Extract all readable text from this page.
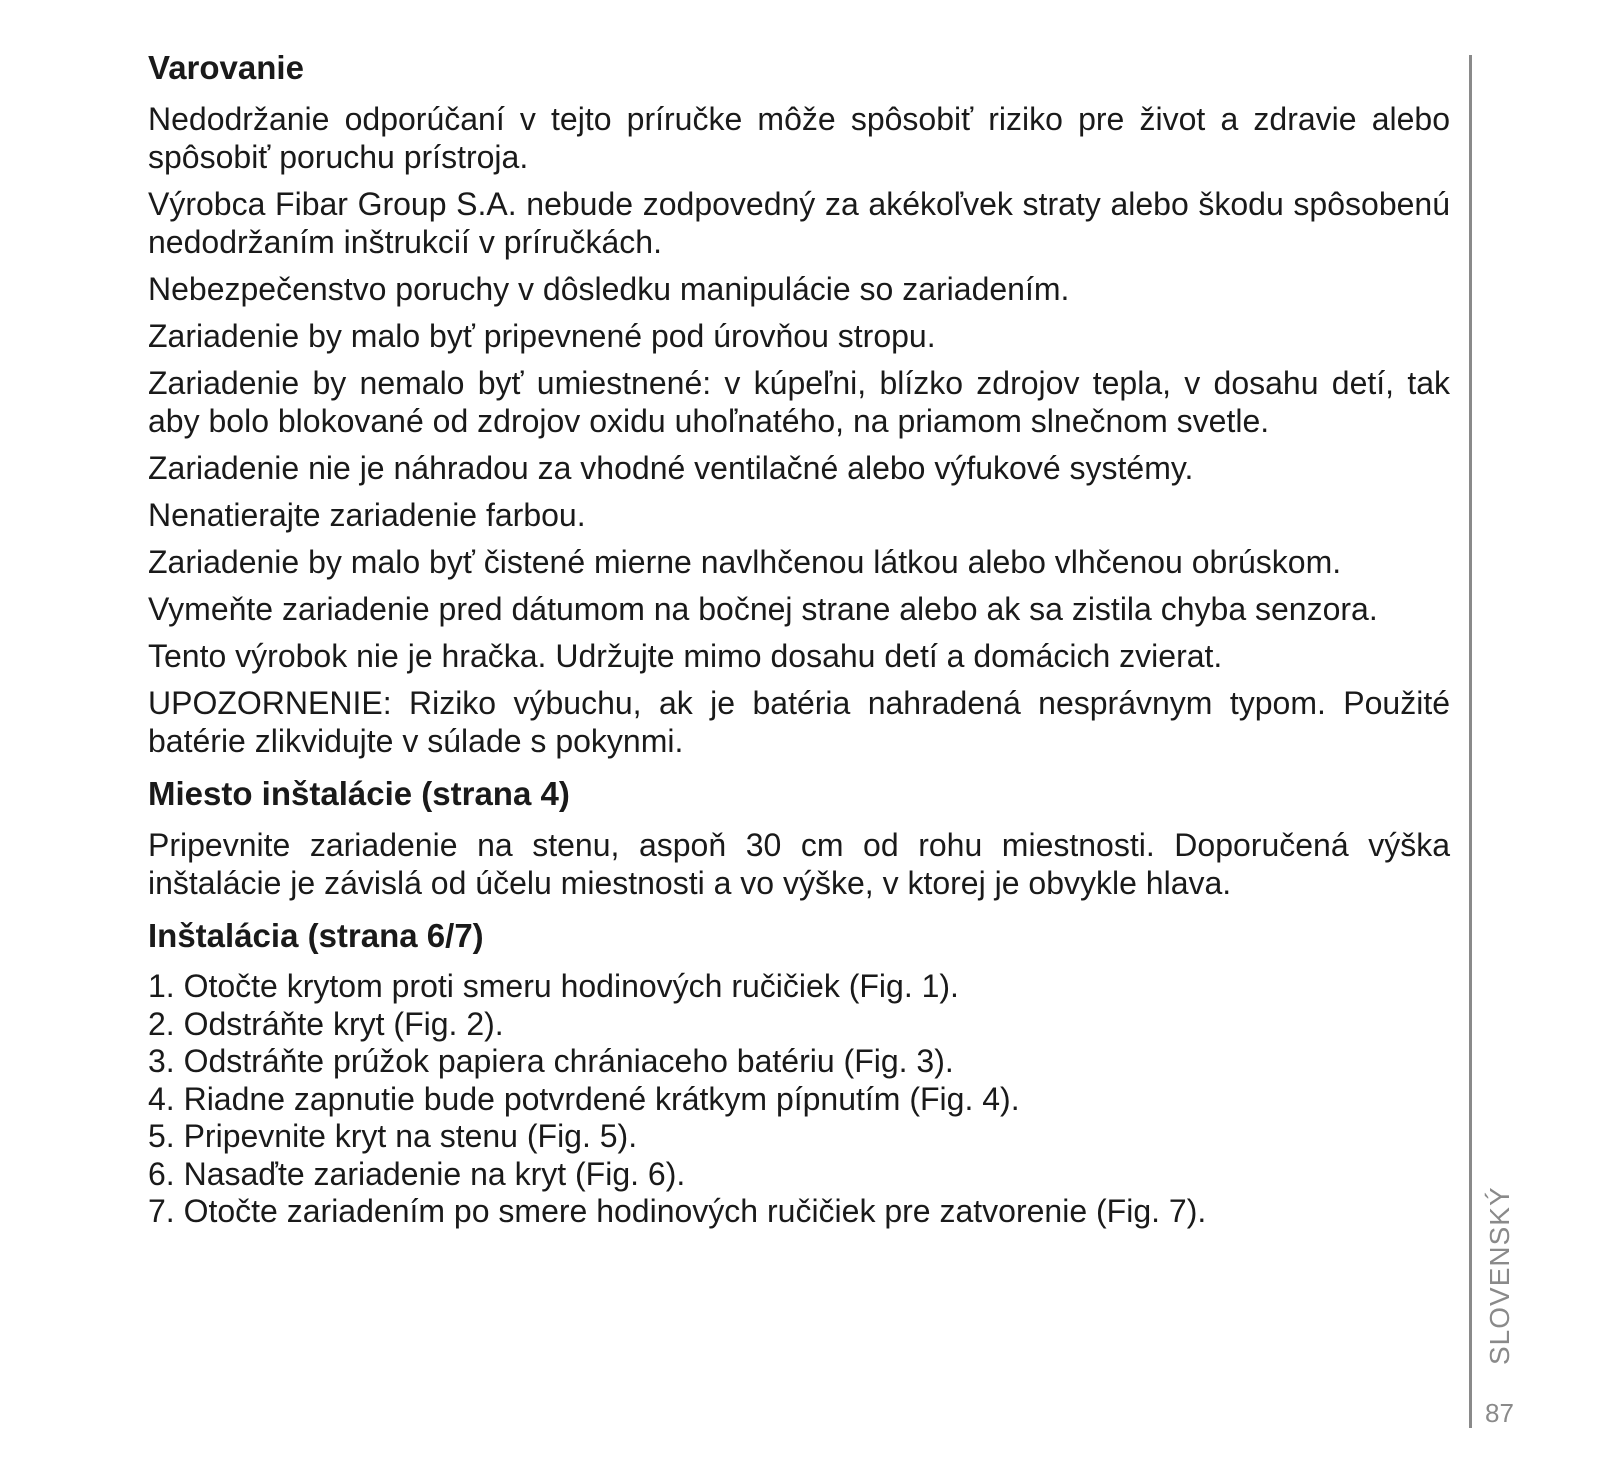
Varovanie

Nedodržanie odporúčaní v tejto príručke môže spôsobiť riziko pre život a zdravie alebo spôsobiť poruchu prístroja.

Výrobca Fibar Group S.A. nebude zodpovedný za akékoľvek straty alebo škodu spôsobenú nedodržaním inštrukcií v príručkách.

Nebezpečenstvo poruchy v dôsledku manipulácie so zariadením.

Zariadenie by malo byť pripevnené pod úrovňou stropu.

Zariadenie by nemalo byť umiestnené: v kúpeľni, blízko zdrojov tepla, v dosahu detí, tak aby bolo blokované od zdrojov oxidu uhoľnatého, na priamom slnečnom svetle.

Zariadenie nie je náhradou za vhodné ventilačné alebo výfukové systémy.

Nenatierajte zariadenie farbou.

Zariadenie by malo byť čistené mierne navlhčenou látkou alebo vlhčenou obrúskom.

Vymeňte zariadenie pred dátumom na bočnej strane alebo ak sa zistila chyba senzora.

Tento výrobok nie je hračka. Udržujte mimo dosahu detí a domácich zvierat.

UPOZORNENIE: Riziko výbuchu, ak je batéria nahradená nesprávnym typom. Použité batérie zlikvidujte v súlade s pokynmi.

Miesto inštalácie (strana 4)

Pripevnite zariadenie na stenu, aspoň 30 cm od rohu miestnosti. Doporučená výška inštalácie je závislá od účelu miestnosti a vo výške, v ktorej je obvykle hlava.

Inštalácia (strana 6/7)
1. Otočte krytom proti smeru hodinových ručičiek (Fig. 1).
2. Odstráňte kryt (Fig. 2).
3. Odstráňte prúžok papiera chrániaceho batériu (Fig. 3).
4. Riadne zapnutie bude potvrdené krátkym pípnutím (Fig. 4).
5. Pripevnite kryt na stenu (Fig. 5).
6. Nasaďte zariadenie na kryt (Fig. 6).
7. Otočte zariadením po smere hodinových ručičiek pre zatvorenie (Fig. 7).	SLOVENSKÝ
87
